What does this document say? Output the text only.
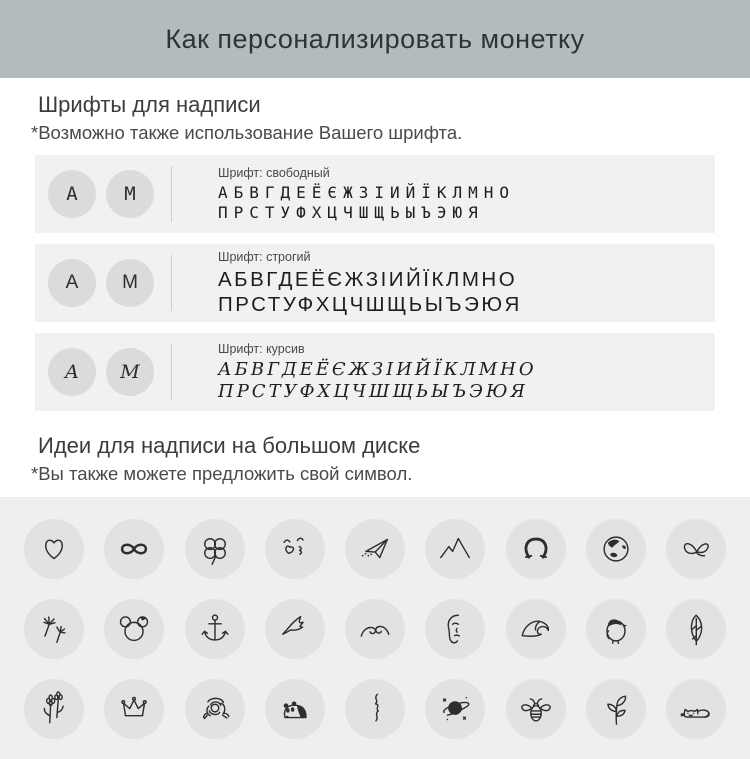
Как персонализировать монетку
Шрифты для надписи
*Возможно также использование Вашего шрифта.
А	М
Шрифт: свободный
АБВГДЕЁЄЖЗІИЙЇКЛМНО
ПРСТУФХЦЧШЩЬЫЪЭЮЯ
А	М
Шрифт: строгий
АБВГДЕЁЄЖЗІИЙЇКЛМНО
ПРСТУФХЦЧШЩЬЫЪЭЮЯ
А	М
Шрифт: курсив
АБВГДЕЁЄЖЗІИЙЇКЛМНО
ПРСТУФХЦЧШЩЬЫЪЭЮЯ
Идеи для надписи на большом диске
*Вы также можете предложить свой символ.
